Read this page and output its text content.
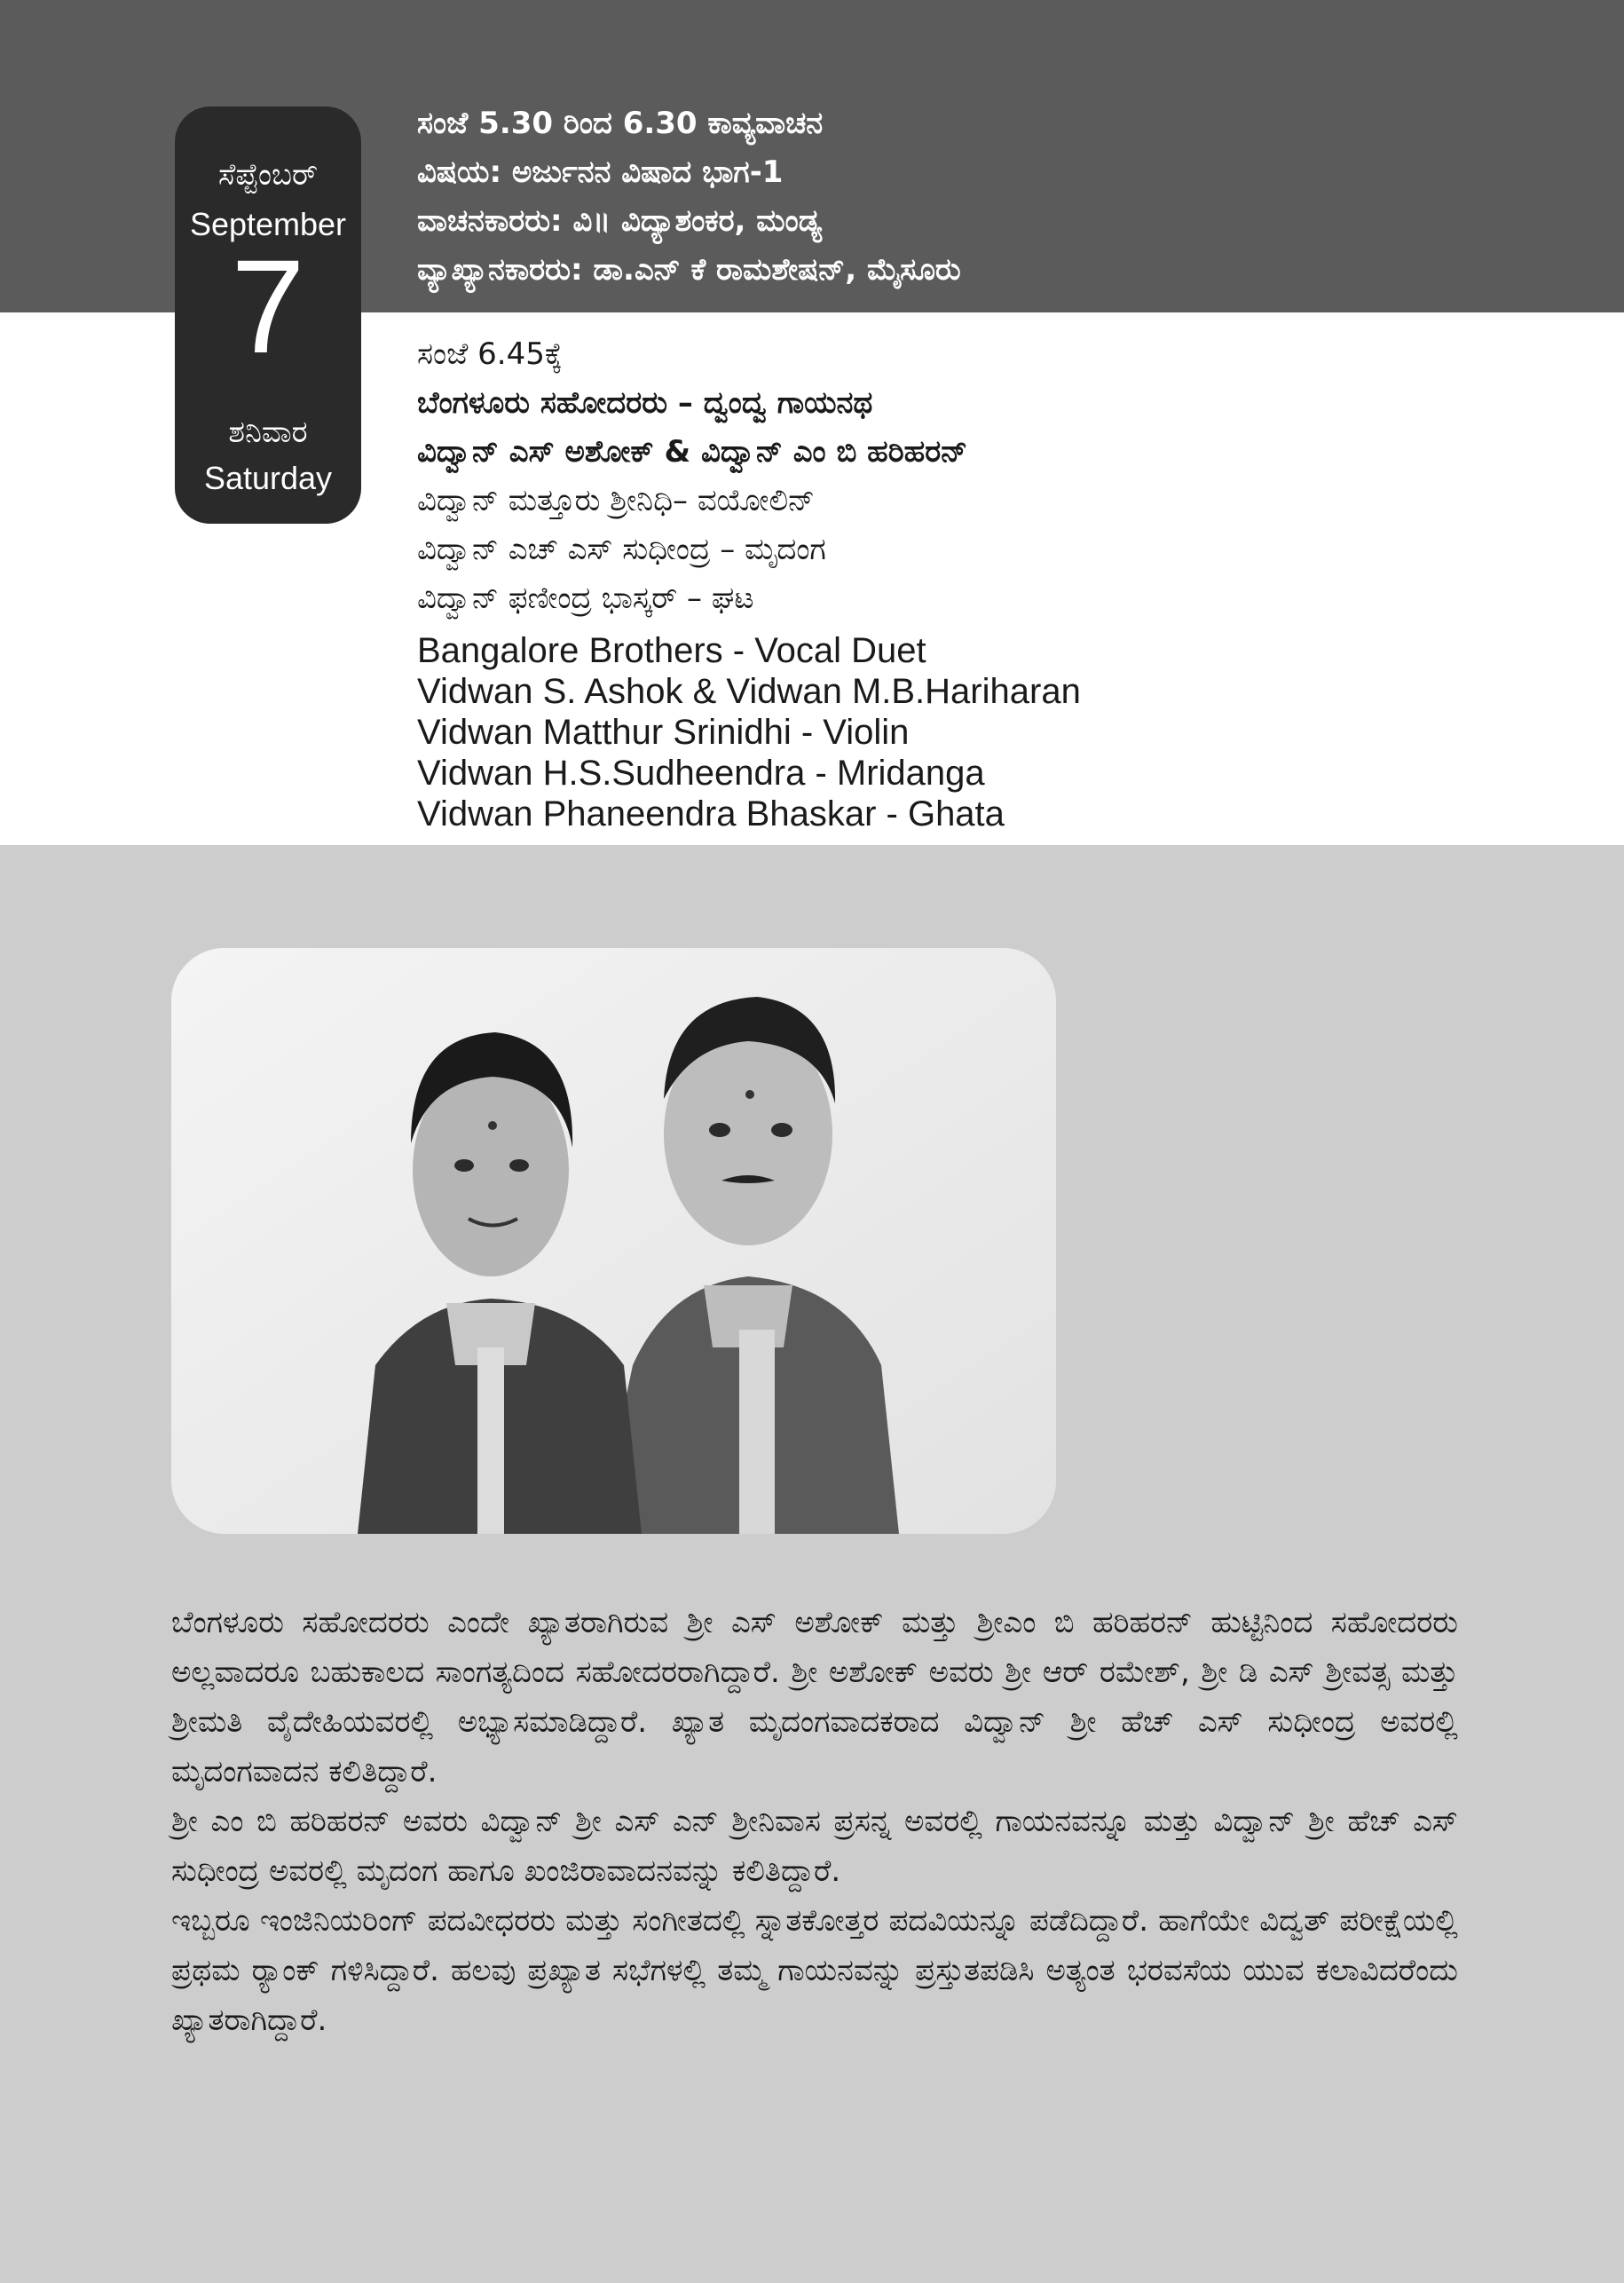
ಸೆಪ್ಟೆಂಬರ್
September
7
ಶನಿವಾರ
Saturday
ಸಂಜೆ 5.30 ರಿಂದ 6.30 ಕಾವ್ಯವಾಚನ
ವಿಷಯ: ಅರ್ಜುನನ ವಿಷಾದ ಭಾಗ-1
ವಾಚನಕಾರರು: ವಿ॥ ವಿದ್ಯಾಶಂಕರ, ಮಂಡ್ಯ
ವ್ಯಾಖ್ಯಾನಕಾರರು: ಡಾ.ಎನ್ ಕೆ ರಾಮಶೇಷನ್, ಮೈಸೂರು
ಸಂಜೆ 6.45ಕ್ಕೆ
ಬೆಂಗಳೂರು ಸಹೋದರರು – ದ್ವಂದ್ವ ಗಾಯನಥ
ವಿದ್ವಾನ್ ಎಸ್ ಅಶೋಕ್ & ವಿದ್ವಾನ್ ಎಂ ಬಿ ಹರಿಹರನ್
ವಿದ್ವಾನ್ ಮತ್ತೂರು ಶ್ರೀನಿಧಿ– ವಯೋಲಿನ್
ವಿದ್ವಾನ್ ಎಚ್ ಎಸ್ ಸುಧೀಂದ್ರ – ಮೃದಂಗ
ವಿದ್ವಾನ್ ಫಣೀಂದ್ರ ಭಾಸ್ಕರ್ – ಘಟ
Bangalore Brothers - Vocal Duet
Vidwan S. Ashok & Vidwan M.B.Hariharan
Vidwan Matthur Srinidhi - Violin
Vidwan H.S.Sudheendra - Mridanga
Vidwan Phaneendra Bhaskar - Ghata

ಬೆಂಗಳೂರು ಸಹೋದರರು ಎಂದೇ ಖ್ಯಾತರಾಗಿರುವ ಶ್ರೀ ಎಸ್ ಅಶೋಕ್ ಮತ್ತು ಶ್ರೀಎಂ ಬಿ ಹರಿಹರನ್ ಹುಟ್ಟಿನಿಂದ ಸಹೋದರರು ಅಲ್ಲವಾದರೂ ಬಹುಕಾಲದ ಸಾಂಗತ್ಯದಿಂದ ಸಹೋದರರಾಗಿದ್ದಾರೆ. ಶ್ರೀ ಅಶೋಕ್ ಅವರು ಶ್ರೀ ಆರ್ ರಮೇಶ್, ಶ್ರೀ ಡಿ ಎಸ್ ಶ್ರೀವತ್ಸ ಮತ್ತು ಶ್ರೀಮತಿ ವೈದೇಹಿಯವರಲ್ಲಿ ಅಭ್ಯಾಸಮಾಡಿದ್ದಾರೆ. ಖ್ಯಾತ ಮೃದಂಗವಾದಕರಾದ ವಿದ್ವಾನ್ ಶ್ರೀ ಹೆಚ್ ಎಸ್ ಸುಧೀಂದ್ರ ಅವರಲ್ಲಿ ಮೃದಂಗವಾದನ ಕಲಿತಿದ್ದಾರೆ.

ಶ್ರೀ ಎಂ ಬಿ ಹರಿಹರನ್ ಅವರು ವಿದ್ವಾನ್ ಶ್ರೀ ಎಸ್ ಎನ್ ಶ್ರೀನಿವಾಸ ಪ್ರಸನ್ನ ಅವರಲ್ಲಿ ಗಾಯನವನ್ನೂ ಮತ್ತು ವಿದ್ವಾನ್ ಶ್ರೀ ಹೆಚ್ ಎಸ್ ಸುಧೀಂದ್ರ ಅವರಲ್ಲಿ ಮೃದಂಗ ಹಾಗೂ ಖಂಜಿರಾವಾದನವನ್ನು ಕಲಿತಿದ್ದಾರೆ.

ಇಬ್ಬರೂ ಇಂಜಿನಿಯರಿಂಗ್ ಪದವೀಧರರು ಮತ್ತು ಸಂಗೀತದಲ್ಲಿ ಸ್ನಾತಕೋತ್ತರ ಪದವಿಯನ್ನೂ ಪಡೆದಿದ್ದಾರೆ. ಹಾಗೆಯೇ ವಿದ್ವತ್ ಪರೀಕ್ಷೆಯಲ್ಲಿ ಪ್ರಥಮ ರ್‍ಯಾಂಕ್ ಗಳಿಸಿದ್ದಾರೆ. ಹಲವು ಪ್ರಖ್ಯಾತ ಸಭೆಗಳಲ್ಲಿ ತಮ್ಮ ಗಾಯನವನ್ನು ಪ್ರಸ್ತುತಪಡಿಸಿ ಅತ್ಯಂತ ಭರವಸೆಯ ಯುವ ಕಲಾವಿದರೆಂದು ಖ್ಯಾತರಾಗಿದ್ದಾರೆ.
